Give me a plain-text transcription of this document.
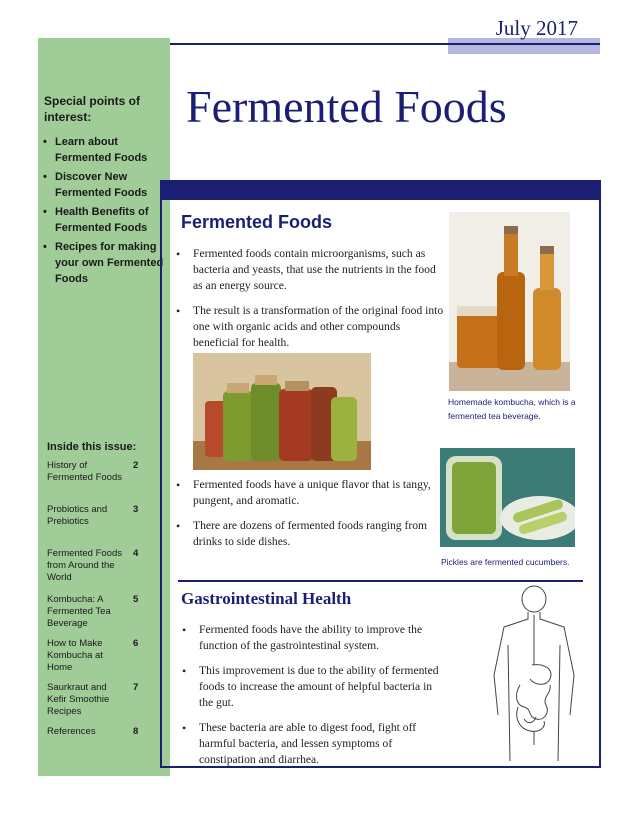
July 2017
Special points of interest:
• Learn about Fermented Foods
• Discover New Fermented Foods
• Health Benefits of Fermented Foods
• Recipes for making your own Fermented Foods
Inside this issue:
History of Fermented Foods
2
Probiotics and Prebiotics
3
Fermented Foods from Around the World
4
Kombucha: A Fermented Tea Beverage
5
How to Make Kombucha at Home
6
Saurkraut and Kefir Smoothie Recipes
7
References	8
Fermented Foods
Fermented Foods
• Fermented foods contain microorganisms, such as bacteria and yeasts, that use the nutrients in the food as an energy source.
• The result is a transformation of the original food into one with organic acids and other compounds beneficial for health.
• Fermented foods have a unique flavor that is tangy, pungent, and aromatic.
• There are dozens of fermented foods ranging from drinks to side dishes.
Homemade kombucha, which is a fermented tea beverage.
Pickles are fermented cucumbers.
Gastrointestinal Health
• Fermented foods have the ability to improve the function of the gastrointestinal system.
• This improvement is due to the ability of fermented foods to increase the amount of helpful bacteria in the gut.
• These bacteria are able to digest food, fight off harmful bacteria, and lessen symptoms of constipation and diarrhea.
